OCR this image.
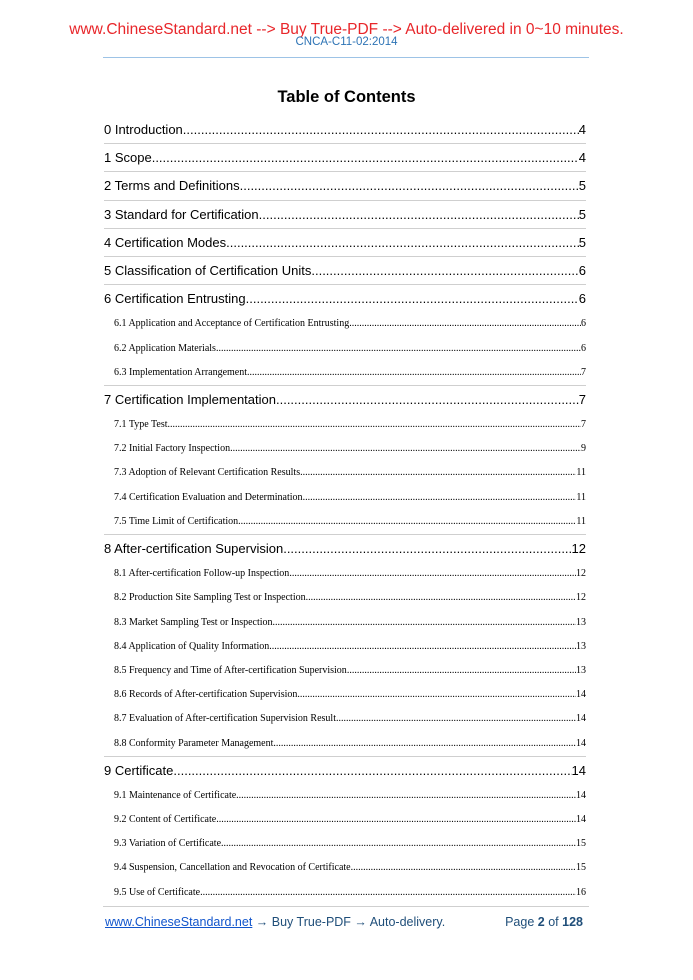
www.ChineseStandard.net --> Buy True-PDF --> Auto-delivered in 0~10 minutes.
CNCA-C11-02:2014
Table of Contents
0 Introduction .....	4
1 Scope .....	4
2 Terms and Definitions .....	5
3 Standard for Certification .....	5
4 Certification Modes .....	5
5 Classification of Certification Units .....	6
6 Certification Entrusting .....	6
6.1 Application and Acceptance of Certification Entrusting .....	6
6.2 Application Materials .....	6
6.3 Implementation Arrangement .....	7
7 Certification Implementation .....	7
7.1 Type Test .....	7
7.2 Initial Factory Inspection .....	9
7.3 Adoption of Relevant Certification Results .....	11
7.4 Certification Evaluation and Determination .....	11
7.5 Time Limit of Certification .....	11
8 After-certification Supervision .....	12
8.1 After-certification Follow-up Inspection .....	12
8.2 Production Site Sampling Test or Inspection .....	12
8.3 Market Sampling Test or Inspection .....	13
8.4 Application of Quality Information .....	13
8.5 Frequency and Time of After-certification Supervision .....	13
8.6 Records of After-certification Supervision .....	14
8.7 Evaluation of After-certification Supervision Result .....	14
8.8 Conformity Parameter Management .....	14
9 Certificate .....	14
9.1 Maintenance of Certificate .....	14
9.2 Content of Certificate .....	14
9.3 Variation of Certificate .....	15
9.4 Suspension, Cancellation and Revocation of Certificate .....	15
9.5 Use of Certificate .....	16
www.ChineseStandard.net → Buy True-PDF → Auto-delivery.	Page 2 of 128
